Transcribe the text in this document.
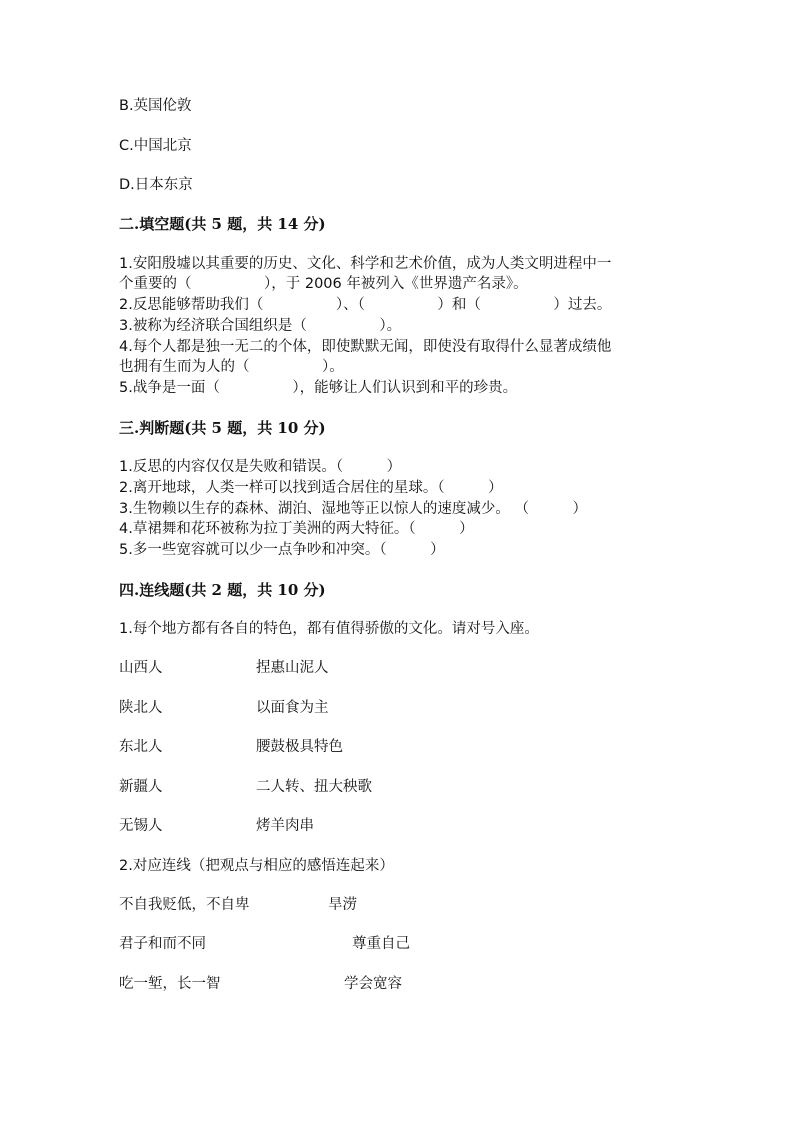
B.英国伦敦
C.中国北京
D.日本东京
二.填空题(共 5 题，共 14 分)
1.安阳殷墟以其重要的历史、文化、科学和艺术价值，成为人类文明进程中一
个重要的（　　　　　），于 2006 年被列入《世界遗产名录》。
2.反思能够帮助我们（　　　　　）、（　　　　　）和（　　　　　）过去。
3.被称为经济联合国组织是（　　　　　）。
4.每个人都是独一无二的个体，即使默默无闻，即使没有取得什么显著成绩他
也拥有生而为人的（　　　　　）。
5.战争是一面（　　　　　），能够让人们认识到和平的珍贵。
三.判断题(共 5 题，共 10 分)
1.反思的内容仅仅是失败和错误。（　　　）
2.离开地球，人类一样可以找到适合居住的星球。（　　　）
3.生物赖以生存的森林、湖泊、湿地等正以惊人的速度减少。 （　　　）
4.草裙舞和花环被称为拉丁美洲的两大特征。（　　　）
5.多一些宽容就可以少一点争吵和冲突。（　　　）
四.连线题(共 2 题，共 10 分)
1.每个地方都有各自的特色，都有值得骄傲的文化。请对号入座。
山西人	捏惠山泥人
陕北人	以面食为主
东北人	腰鼓极具特色
新疆人	二人转、扭大秧歌
无锡人	烤羊肉串
2.对应连线（把观点与相应的感悟连起来）
不自我贬低，不自卑	旱涝
君子和而不同	尊重自己
吃一堑，长一智	学会宽容
